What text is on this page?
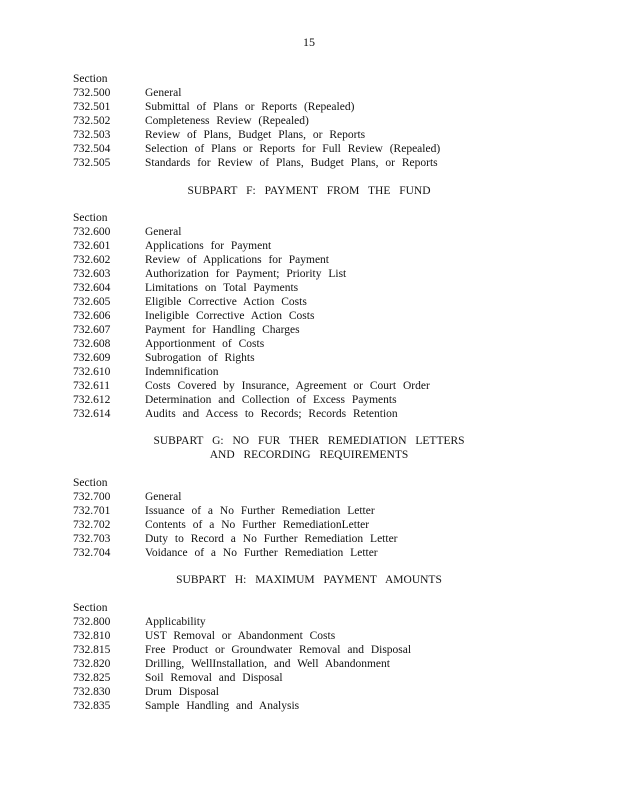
15
Section
732.500	General
732.501	Submittal of Plans or Reports (Repealed)
732.502	Completeness Review (Repealed)
732.503	Review of Plans, Budget Plans, or Reports
732.504	Selection of Plans or Reports for Full Review (Repealed)
732.505	Standards for Review of Plans, Budget Plans, or Reports
SUBPART F: PAYMENT FROM THE FUND
Section
732.600	General
732.601	Applications for Payment
732.602	Review of Applications for Payment
732.603	Authorization for Payment; Priority List
732.604	Limitations on Total Payments
732.605	Eligible Corrective Action Costs
732.606	Ineligible Corrective Action Costs
732.607	Payment for Handling Charges
732.608	Apportionment of Costs
732.609	Subrogation of Rights
732.610	Indemnification
732.611	Costs Covered by Insurance, Agreement or Court Order
732.612	Determination and Collection of Excess Payments
732.614	Audits and Access to Records; Records Retention
SUBPART G: NO FUR THER REMEDIATION LETTERS
AND RECORDING REQUIREMENTS
Section
732.700	General
732.701	Issuance of a No Further Remediation Letter
732.702	Contents of a No Further RemediationLetter
732.703	Duty to Record a No Further Remediation Letter
732.704	Voidance of a No Further Remediation Letter
SUBPART H: MAXIMUM PAYMENT AMOUNTS
Section
732.800	Applicability
732.810	UST Removal or Abandonment Costs
732.815	Free Product or Groundwater Removal and Disposal
732.820	Drilling, WellInstallation, and Well Abandonment
732.825	Soil Removal and Disposal
732.830	Drum Disposal
732.835	Sample Handling and Analysis
